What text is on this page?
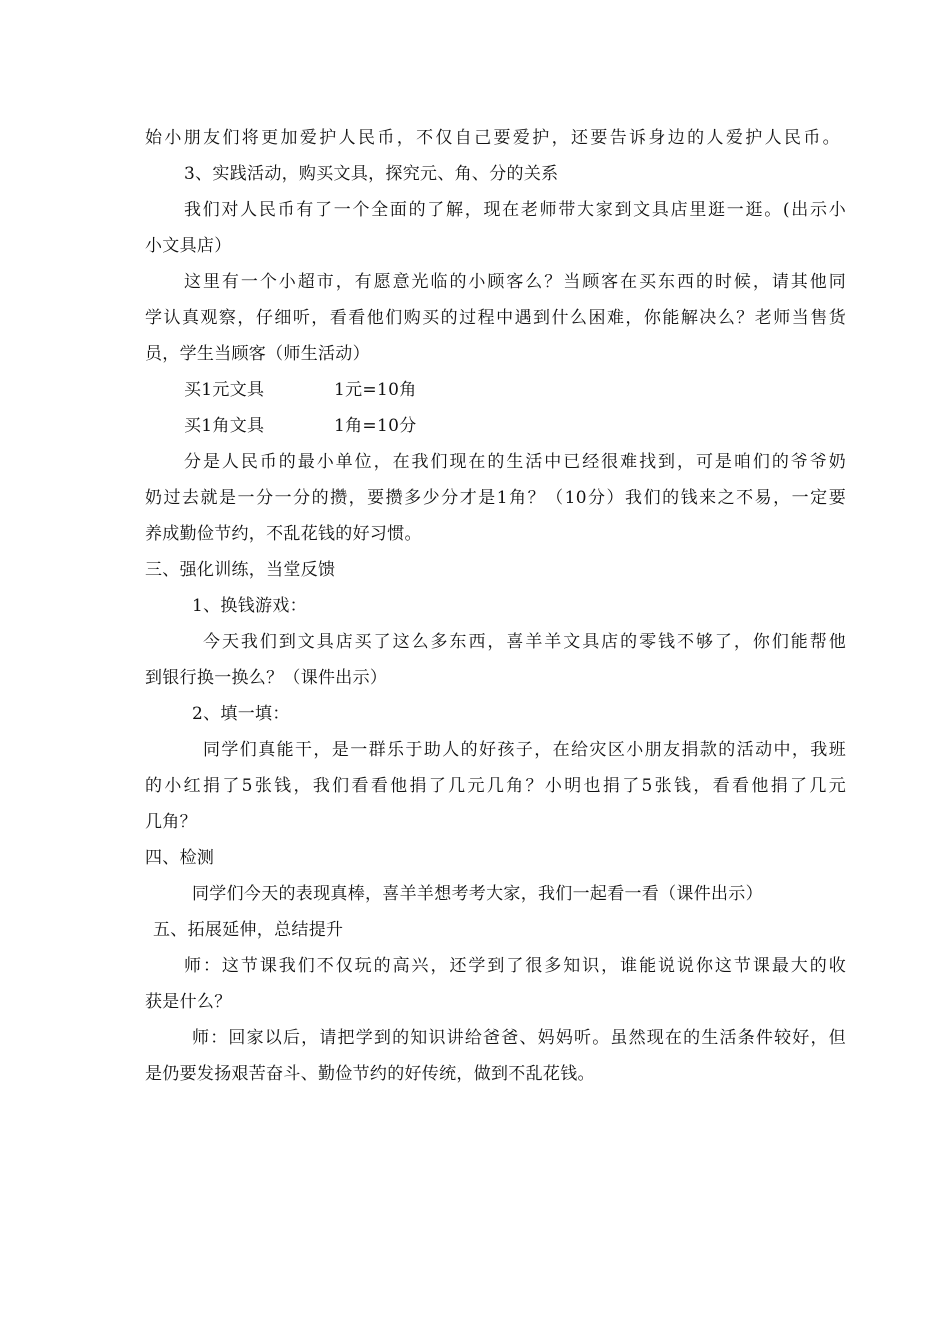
始小朋友们将更加爱护人民币，不仅自己要爱护，还要告诉身边的人爱护人民币。
3、实践活动，购买文具，探究元、角、分的关系
我们对人民币有了一个全面的了解，现在老师带大家到文具店里逛一逛。(出示小
小文具店）
这里有一个小超市，有愿意光临的小顾客么？当顾客在买东西的时候，请其他同
学认真观察，仔细听，看看他们购买的过程中遇到什么困难，你能解决么？老师当售货
员，学生当顾客（师生活动）
买1元文具	1元=10角
买1角文具	1角=10分
分是人民币的最小单位，在我们现在的生活中已经很难找到，可是咱们的爷爷奶
奶过去就是一分一分的攒，要攒多少分才是1角？（10分）我们的钱来之不易，一定要
养成勤俭节约，不乱花钱的好习惯。
三、强化训练，当堂反馈
1、换钱游戏：
今天我们到文具店买了这么多东西，喜羊羊文具店的零钱不够了，你们能帮他
到银行换一换么？（课件出示）
2、填一填：
同学们真能干，是一群乐于助人的好孩子，在给灾区小朋友捐款的活动中，我班
的小红捐了5张钱，我们看看他捐了几元几角？小明也捐了5张钱，看看他捐了几元
几角？
四、检测
同学们今天的表现真棒，喜羊羊想考考大家，我们一起看一看（课件出示）
五、拓展延伸，总结提升
师：这节课我们不仅玩的高兴，还学到了很多知识，谁能说说你这节课最大的收
获是什么？
师：回家以后，请把学到的知识讲给爸爸、妈妈听。虽然现在的生活条件较好，但
是仍要发扬艰苦奋斗、勤俭节约的好传统，做到不乱花钱。
